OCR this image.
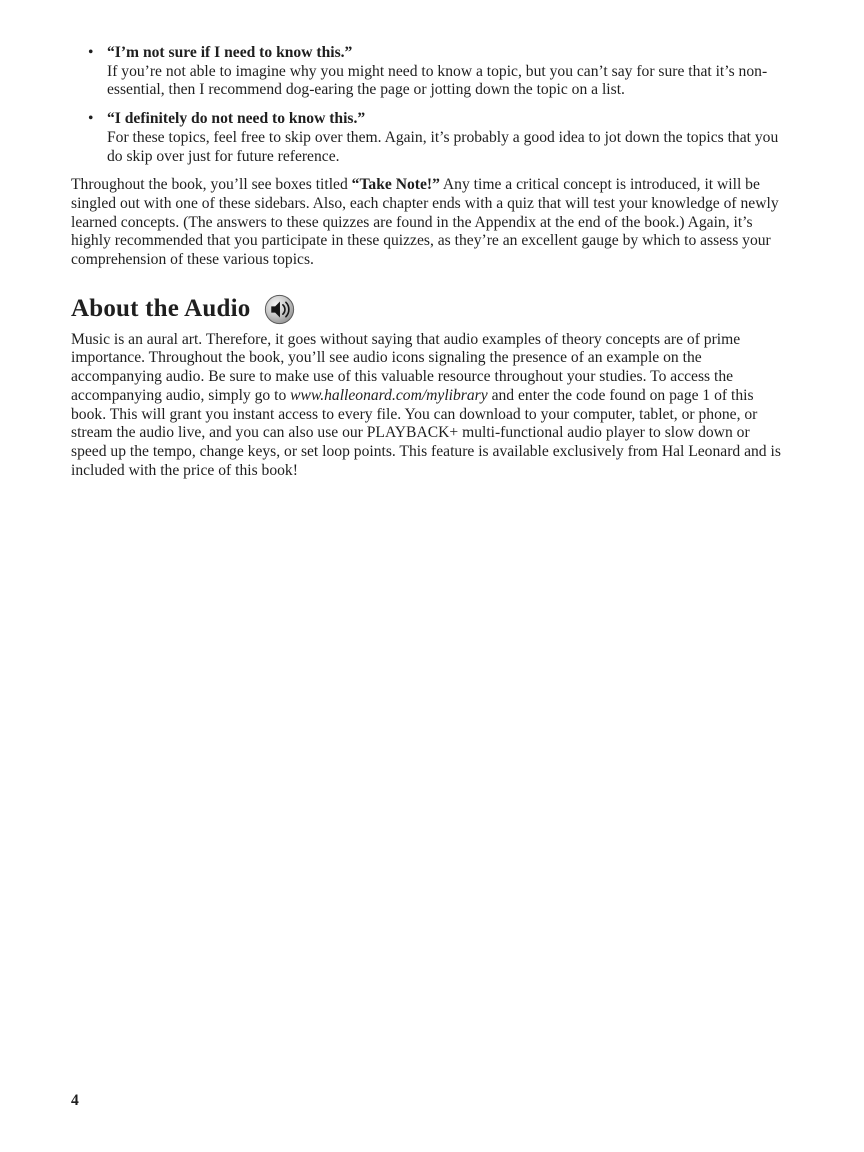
• “I’m not sure if I need to know this.”

If you’re not able to imagine why you might need to know a topic, but you can’t say for sure that it’s non-essential, then I recommend dog-earing the page or jotting down the topic on a list.

• “I definitely do not need to know this.”

For these topics, feel free to skip over them. Again, it’s probably a good idea to jot down the topics that you do skip over just for future reference.

Throughout the book, you’ll see boxes titled “Take Note!” Any time a critical concept is introduced, it will be singled out with one of these sidebars. Also, each chapter ends with a quiz that will test your knowledge of newly learned concepts. (The answers to these quizzes are found in the Appendix at the end of the book.) Again, it’s highly recommended that you participate in these quizzes, as they’re an excellent gauge by which to assess your comprehension of these various topics.

About the Audio

Music is an aural art. Therefore, it goes without saying that audio examples of theory concepts are of prime importance. Throughout the book, you’ll see audio icons signaling the presence of an example on the accompanying audio. Be sure to make use of this valuable resource throughout your studies. To access the accompanying audio, simply go to www.halleonard.com/mylibrary and enter the code found on page 1 of this book. This will grant you instant access to every file. You can download to your computer, tablet, or phone, or stream the audio live, and you can also use our PLAYBACK+ multi-functional audio player to slow down or speed up the tempo, change keys, or set loop points. This feature is available exclusively from Hal Leonard and is included with the price of this book!

4
